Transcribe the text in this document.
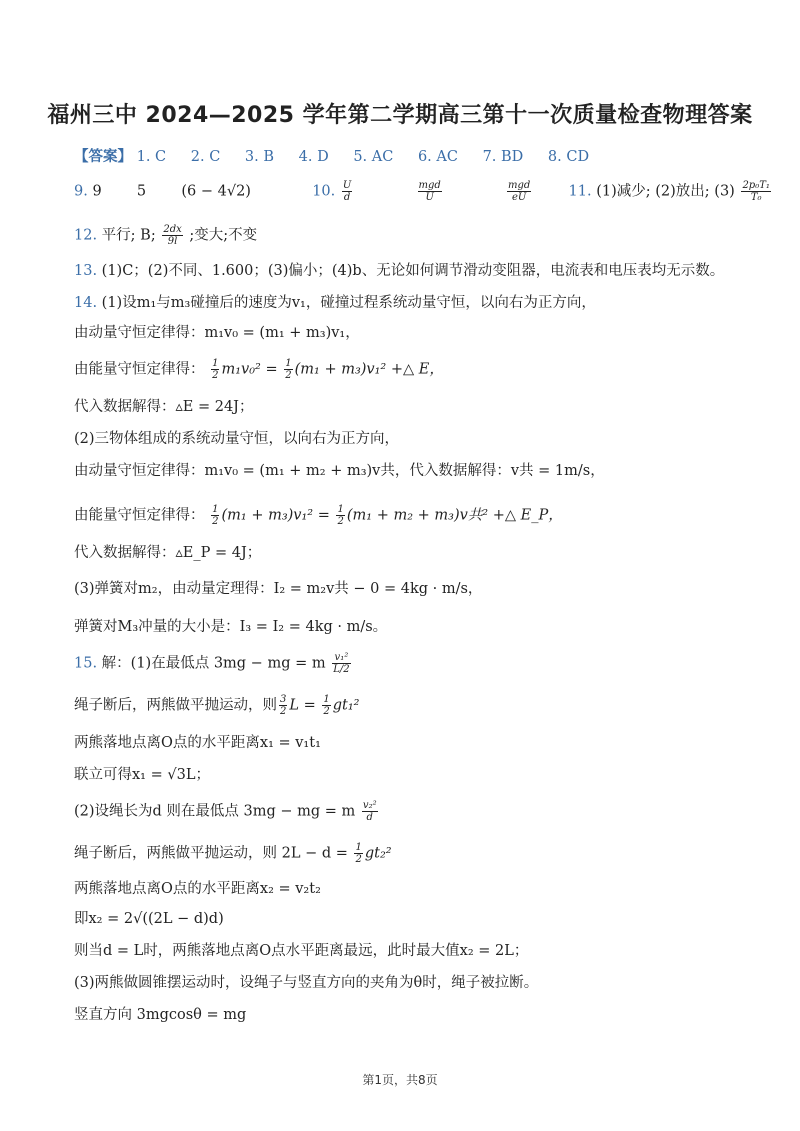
福州三中 2024—2025 学年第二学期高三第十一次质量检查物理答案
【答案】 1. C 2. C 3. B 4. D 5. AC 6. AC 7. BD 8. CD
9. 9 5 (6 − 4√2)	10. $\frac{U}{d}$
	$\frac{\text{mgd}}{U}$
	$\frac{\text{mgd}}{eU}$	11. (1)减少; (2)放出; $(3) \frac{\text{2p₀T₁}}{\text{T₀}}$
12. 平行; B; $\frac{2dx}{9l}$ ;变大;不变
13. (1)C；(2)不同、1.600；(3)偏小；(4)b、无论如何调节滑动变阻器，电流表和电压表均无示数。
14. (1)设m₁与m₃碰撞后的速度为v₁，碰撞过程系统动量守恒，以向右为正方向，
由动量守恒定律得：m₁v₀ = (m₁ + m₃)v₁，
由能量守恒定律得： $\frac{1}{2} m_1v_0^2 = \frac{1}{2} (m_1 + m_3)v_1^2$ +△ E，
代入数据解得：▵E = 24J；
(2)三物体组成的系统动量守恒，以向右为正方向，
由动量守恒定律得：m₁v₀ = (m₁ + m₂ + m₃)v共，代入数据解得：v共 = 1m/s，
由能量守恒定律得： $\frac{1}{2} (m_1 + m_3)v_1^2 = \frac{1}{2} (m_1 + m_2 + m_3)v$共² +△ E_P，
代入数据解得：▵E_P = 4J；
(3)弹簧对m₂，由动量定理得：I₂ = m₂v共 − 0 = 4kg · m/s，
弹簧对M₃冲量的大小是：I₃ = I₂ = 4kg · m/s。
15. 解：(1)在最低点 3mg − mg = m $\frac{\text{v₁²}}{L/2}$
绳子断后，两熊做平抛运动，则 $\frac{3}{2}$ $L = \frac{1}{2} gt_1^2$
两熊落地点离O点的水平距离x₁ = v₁t₁
联立可得x₁ = √3L；
(2)设绳长为d 则在最低点 3mg − mg = m $\frac{\text{v₂²}}{d}$
绳子断后，两熊做平抛运动，则 $2L - d = \frac{1}{2} gt_2^2$
两熊落地点离O点的水平距离x₂ = v₂t₂
即x₂ = 2√((2L − d)d)
则当d = L时，两熊落地点离O点水平距离最远，此时最大值x₂ = 2L；
(3)两熊做圆锥摆运动时，设绳子与竖直方向的夹角为θ时，绳子被拉断。
竖直方向 3mgcosθ = mg
第1页，共8页
